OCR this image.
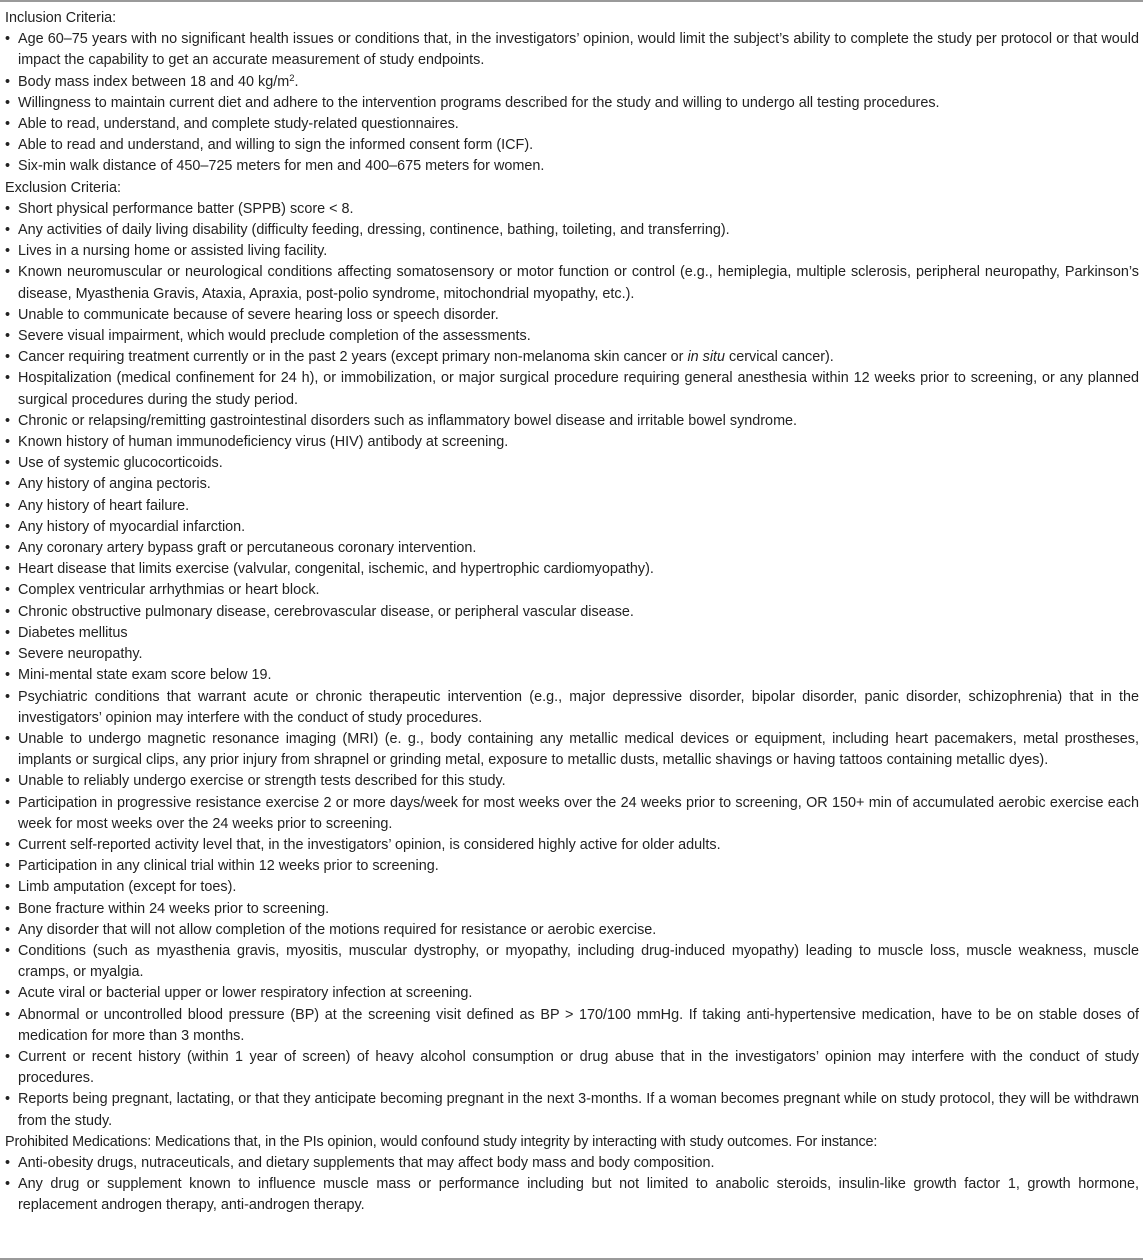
Inclusion Criteria:
• Age 60–75 years with no significant health issues or conditions that, in the investigators’ opinion, would limit the subject’s ability to complete the study per protocol or that would impact the capability to get an accurate measurement of study endpoints.
• Body mass index between 18 and 40 $kg/m^2$.
• Willingness to maintain current diet and adhere to the intervention programs described for the study and willing to undergo all testing procedures.
• Able to read, understand, and complete study-related questionnaires.
• Able to read and understand, and willing to sign the informed consent form (ICF).
• Six-min walk distance of 450–725 meters for men and 400–675 meters for women.
Exclusion Criteria:
• Short physical performance batter (SPPB) score < 8.
• Any activities of daily living disability (difficulty feeding, dressing, continence, bathing, toileting, and transferring).
• Lives in a nursing home or assisted living facility.
• Known neuromuscular or neurological conditions affecting somatosensory or motor function or control (e.g., hemiplegia, multiple sclerosis, peripheral neuropathy, Parkinson’s disease, Myasthenia Gravis, Ataxia, Apraxia, post-polio syndrome, mitochondrial myopathy, etc.).
• Unable to communicate because of severe hearing loss or speech disorder.
• Severe visual impairment, which would preclude completion of the assessments.
• Cancer requiring treatment currently or in the past 2 years (except primary non-melanoma skin cancer or in situ cervical cancer).
• Hospitalization (medical confinement for 24 h), or immobilization, or major surgical procedure requiring general anesthesia within 12 weeks prior to screening, or any planned surgical procedures during the study period.
• Chronic or relapsing/remitting gastrointestinal disorders such as inflammatory bowel disease and irritable bowel syndrome.
• Known history of human immunodeficiency virus (HIV) antibody at screening.
• Use of systemic glucocorticoids.
• Any history of angina pectoris.
• Any history of heart failure.
• Any history of myocardial infarction.
• Any coronary artery bypass graft or percutaneous coronary intervention.
• Heart disease that limits exercise (valvular, congenital, ischemic, and hypertrophic cardiomyopathy).
• Complex ventricular arrhythmias or heart block.
• Chronic obstructive pulmonary disease, cerebrovascular disease, or peripheral vascular disease.
• Diabetes mellitus
• Severe neuropathy.
• Mini-mental state exam score below 19.
• Psychiatric conditions that warrant acute or chronic therapeutic intervention (e.g., major depressive disorder, bipolar disorder, panic disorder, schizophrenia) that in the investigators’ opinion may interfere with the conduct of study procedures.
• Unable to undergo magnetic resonance imaging (MRI) (e. g., body containing any metallic medical devices or equipment, including heart pacemakers, metal prostheses, implants or surgical clips, any prior injury from shrapnel or grinding metal, exposure to metallic dusts, metallic shavings or having tattoos containing metallic dyes).
• Unable to reliably undergo exercise or strength tests described for this study.
• Participation in progressive resistance exercise 2 or more days/week for most weeks over the 24 weeks prior to screening, OR 150+ min of accumulated aerobic exercise each week for most weeks over the 24 weeks prior to screening.
• Current self-reported activity level that, in the investigators’ opinion, is considered highly active for older adults.
• Participation in any clinical trial within 12 weeks prior to screening.
• Limb amputation (except for toes).
• Bone fracture within 24 weeks prior to screening.
• Any disorder that will not allow completion of the motions required for resistance or aerobic exercise.
• Conditions (such as myasthenia gravis, myositis, muscular dystrophy, or myopathy, including drug-induced myopathy) leading to muscle loss, muscle weakness, muscle cramps, or myalgia.
• Acute viral or bacterial upper or lower respiratory infection at screening.
• Abnormal or uncontrolled blood pressure (BP) at the screening visit defined as BP > 170/100 mmHg. If taking anti-hypertensive medication, have to be on stable doses of medication for more than 3 months.
• Current or recent history (within 1 year of screen) of heavy alcohol consumption or drug abuse that in the investigators’ opinion may interfere with the conduct of study procedures.
• Reports being pregnant, lactating, or that they anticipate becoming pregnant in the next 3-months. If a woman becomes pregnant while on study protocol, they will be withdrawn from the study.
Prohibited Medications: Medications that, in the PIs opinion, would confound study integrity by interacting with study outcomes. For instance:
• Anti-obesity drugs, nutraceuticals, and dietary supplements that may affect body mass and body composition.
• Any drug or supplement known to influence muscle mass or performance including but not limited to anabolic steroids, insulin-like growth factor 1, growth hormone, replacement androgen therapy, anti-androgen therapy.
